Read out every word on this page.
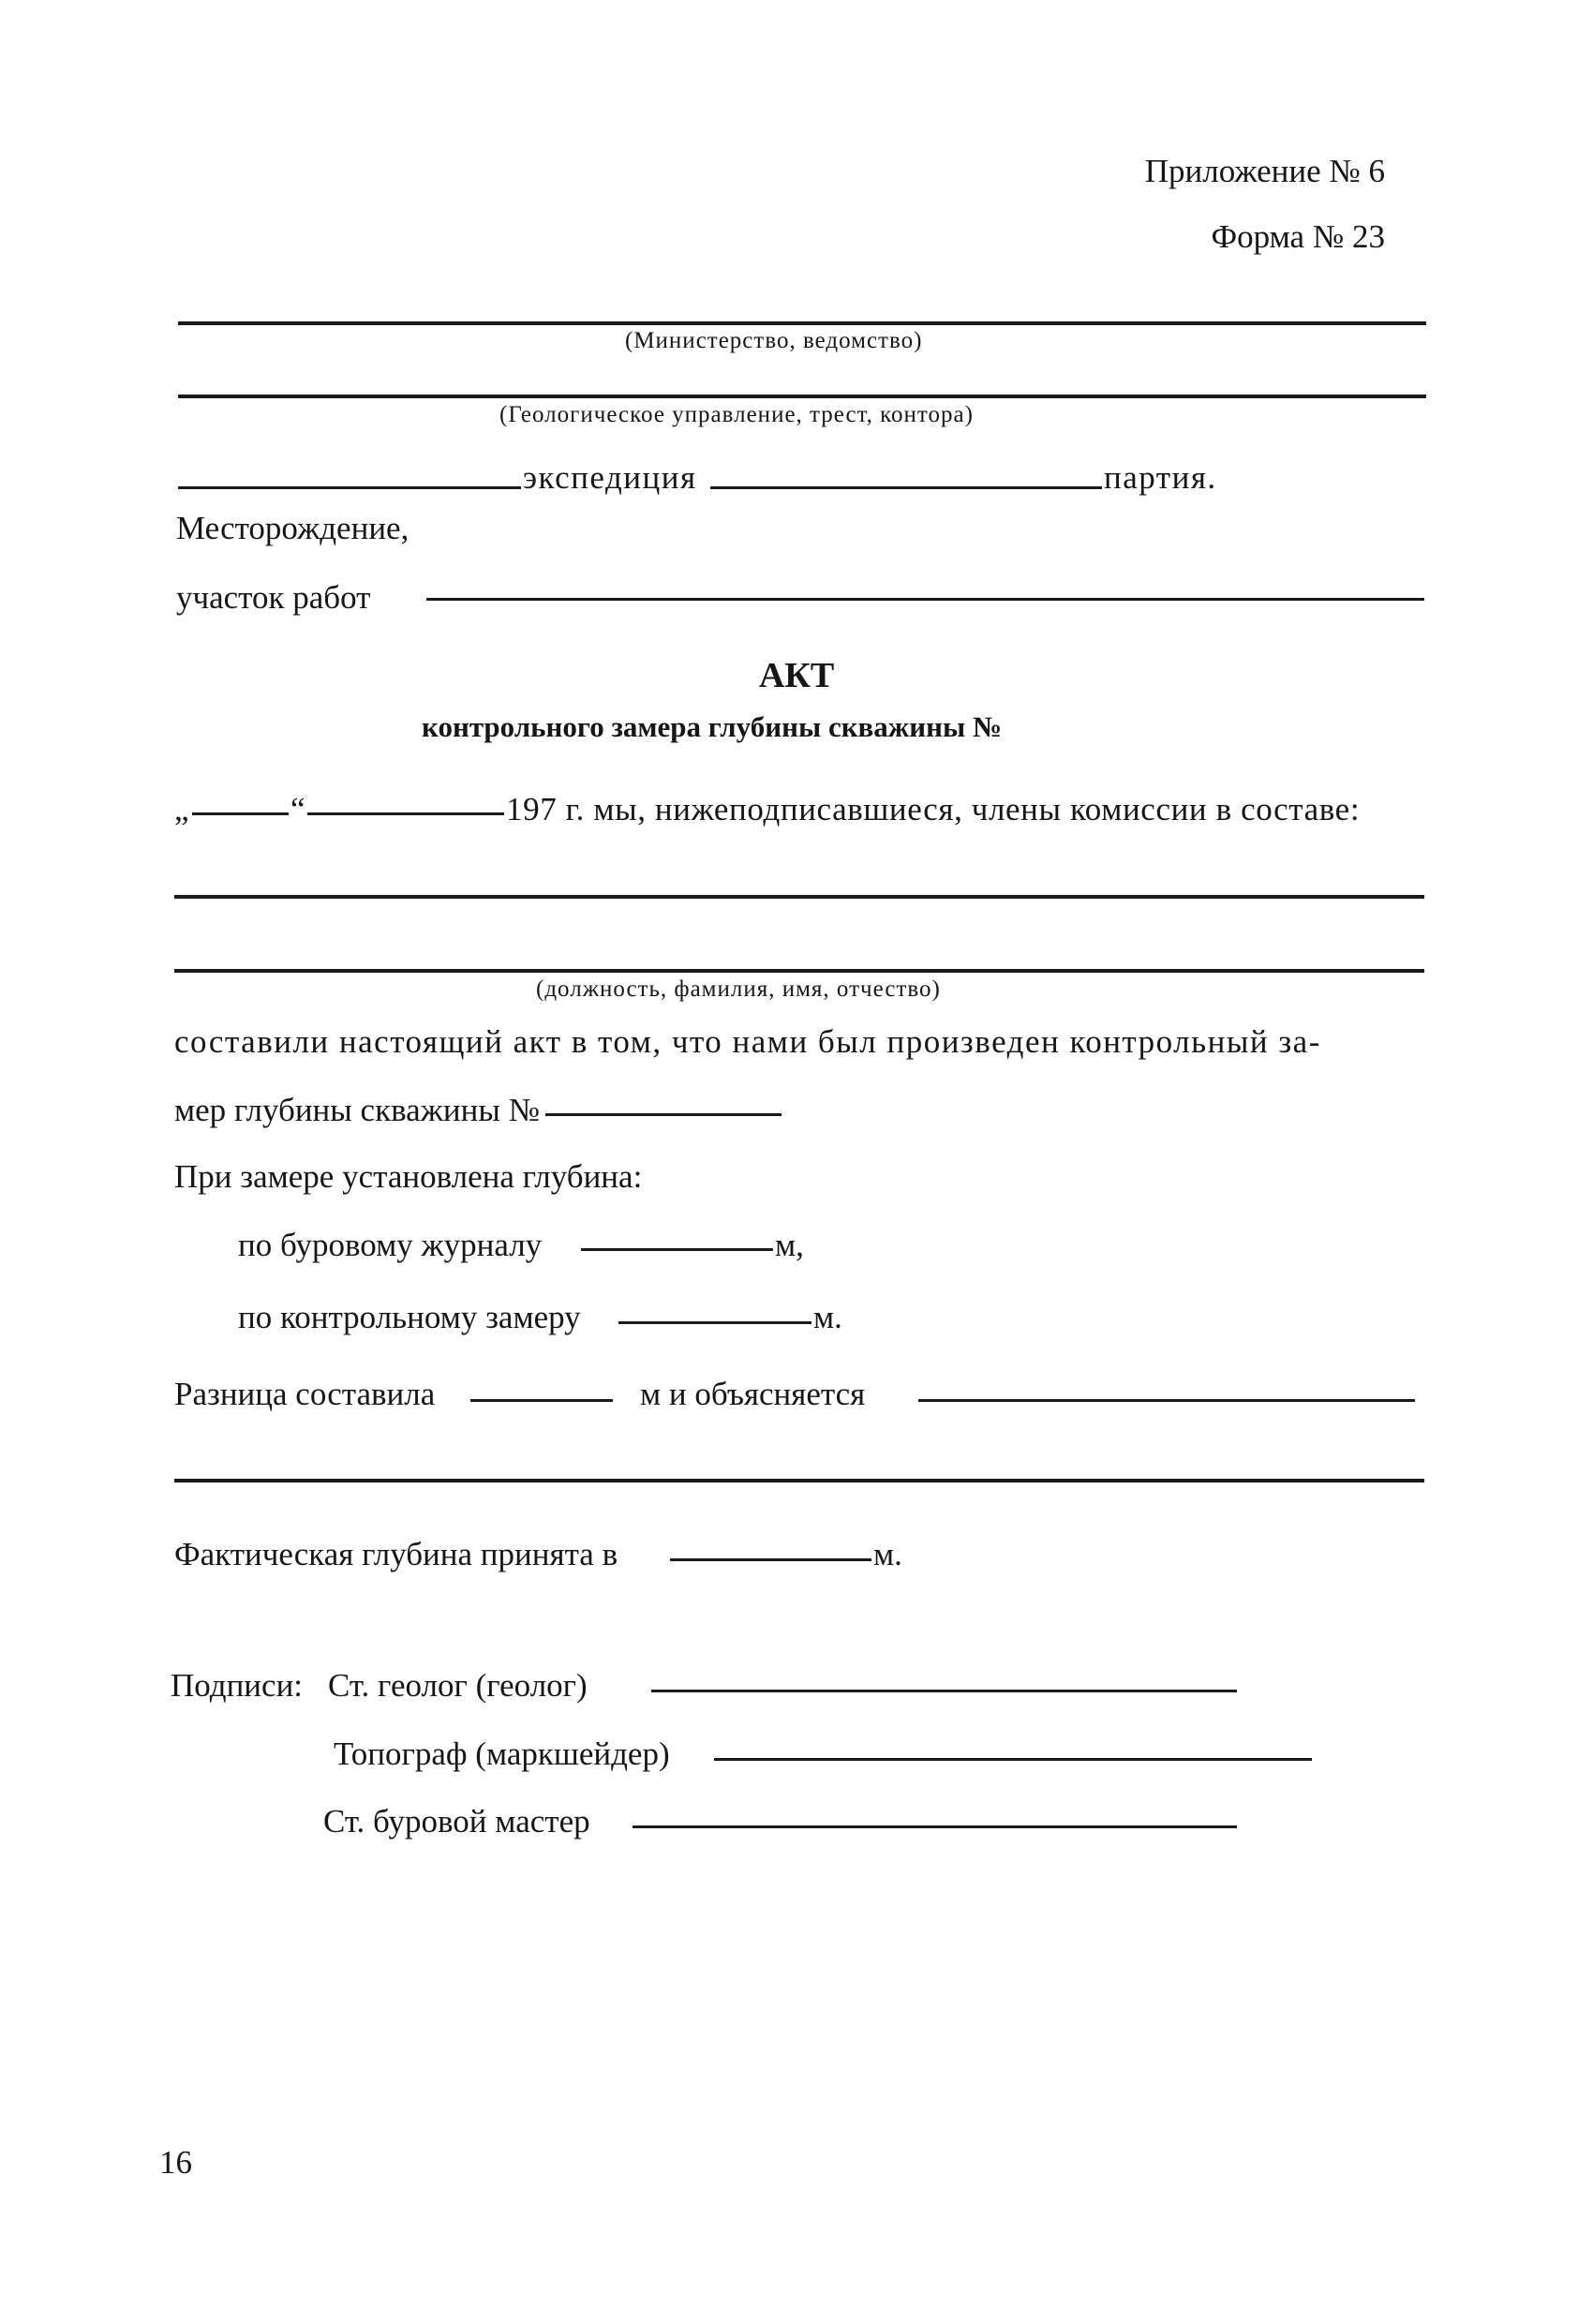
Приложение № 6
Форма № 23
(Министерство, ведомство)
(Геологическое управление, трест, контора)
экспедиция	партия.
Месторождение,
участок работ
АКТ
контрольного замера глубины скважины №
„	“	197 г. мы, нижеподписавшиеся, члены комиссии в составе:
(должность, фамилия, имя, отчество)
составили настоящий акт в том, что нами был произведен контрольный за-
мер глубины скважины №
При замере установлена глубина:
по буровому журналу	м,
по контрольному замеру	м.
Разница составила	м и объясняется
Фактическая глубина принята в	м.
Подписи: Ст. геолог (геолог)
Топограф (маркшейдер)
Ст. буровой мастер
16
